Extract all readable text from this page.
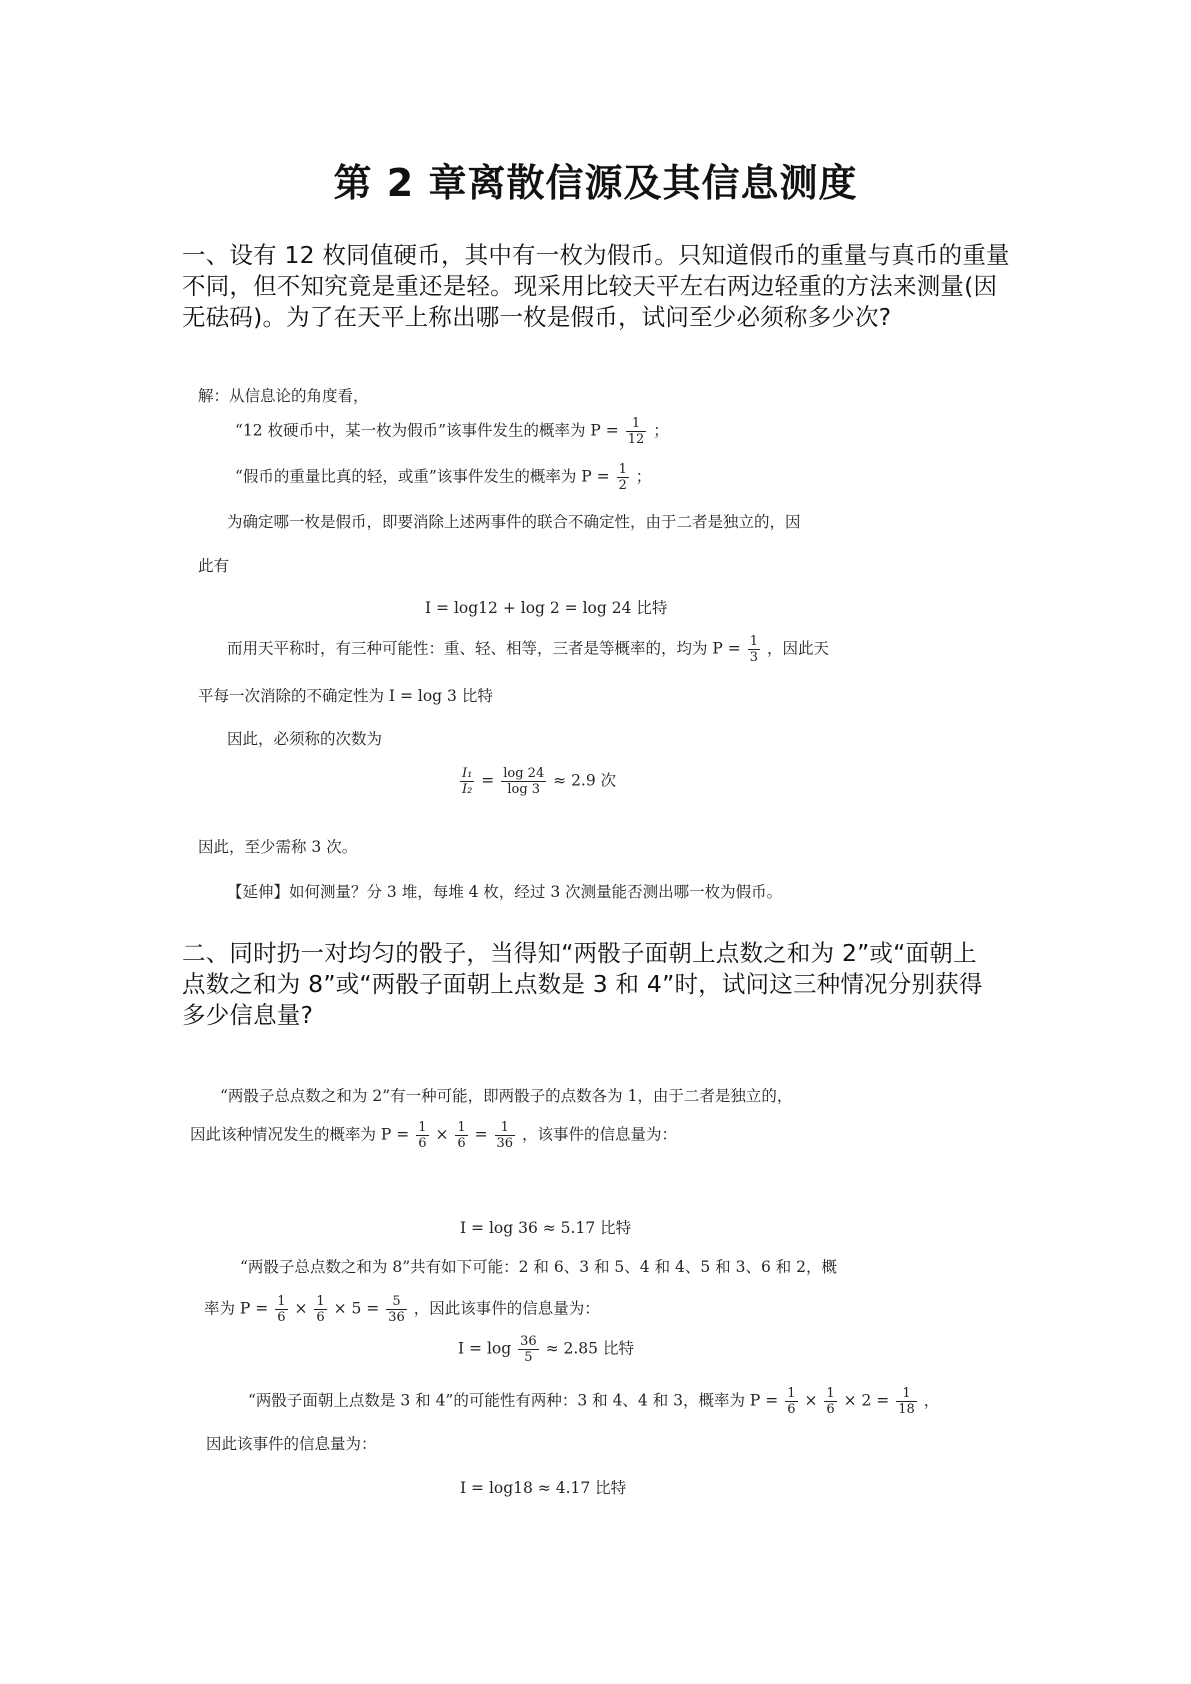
第 2 章离散信源及其信息测度
一、设有 12 枚同值硬币，其中有一枚为假币。只知道假币的重量与真币的重量
不同，但不知究竟是重还是轻。现采用比较天平左右两边轻重的方法来测量(因
无砝码)。为了在天平上称出哪一枚是假币，试问至少必须称多少次?
解：从信息论的角度看，
“12 枚硬币中，某一枚为假币”该事件发生的概率为 $P = \frac{1}{12}$ ；
“假币的重量比真的轻，或重”该事件发生的概率为 $P = \frac{1}{2}$ ；
为确定哪一枚是假币，即要消除上述两事件的联合不确定性，由于二者是独立的，因
此有
I = log12 + log 2 = log 24 比特
而用天平称时，有三种可能性：重、轻、相等，三者是等概率的，均为 $P = \frac{1}{3}$ ，因此天
平每一次消除的不确定性为 I = log 3 比特
因此，必须称的次数为
$\frac{\text{I₁}}{\text{I₂}} = \frac{\log 24}{\log 3} \approx 2.9$ 次
因此，至少需称 3 次。
【延伸】如何测量？分 3 堆，每堆 4 枚，经过 3 次测量能否测出哪一枚为假币。
二、同时扔一对均匀的骰子，当得知“两骰子面朝上点数之和为 2”或“面朝上
点数之和为 8”或“两骰子面朝上点数是 3 和 4”时，试问这三种情况分别获得
多少信息量?
“两骰子总点数之和为 2”有一种可能，即两骰子的点数各为 1，由于二者是独立的，
因此该种情况发生的概率为 $P = \frac{1}{6} \times \frac{1}{6} = \frac{1}{36}$ ，该事件的信息量为：
I = log 36 ≈ 5.17 比特
“两骰子总点数之和为 8”共有如下可能：2 和 6、3 和 5、4 和 4、5 和 3、6 和 2，概
率为 $P = \frac{1}{6} \times \frac{1}{6} \times 5 = \frac{5}{36}$ ，因此该事件的信息量为：
$I = \log \frac{36}{5} \approx 2.85$ 比特
“两骰子面朝上点数是 3 和 4”的可能性有两种：3 和 4、4 和 3，概率为 $P = \frac{1}{6} \times \frac{1}{6} \times 2 = \frac{1}{18}$ ，
因此该事件的信息量为：
I = log18 ≈ 4.17 比特
